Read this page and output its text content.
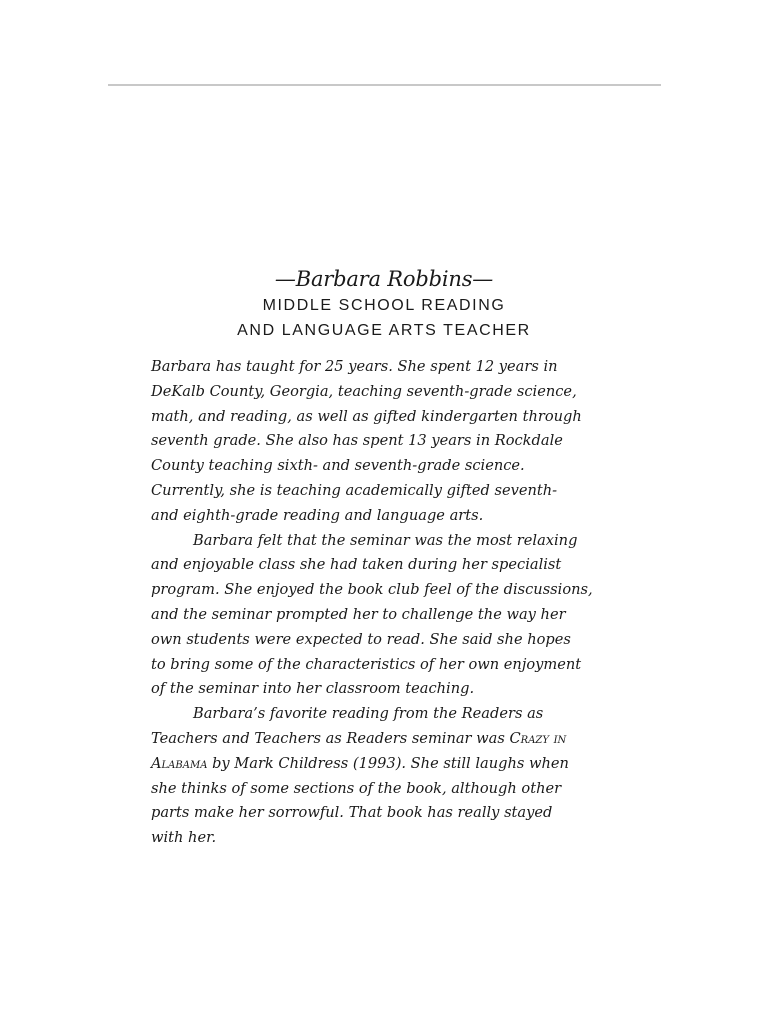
—Barbara Robbins—
MIDDLE SCHOOL READING
AND LANGUAGE ARTS TEACHER
Barbara has taught for 25 years. She spent 12 years in
DeKalb County, Georgia, teaching seventh-grade science,
math, and reading, as well as gifted kindergarten through
seventh grade. She also has spent 13 years in Rockdale
County teaching sixth- and seventh-grade science.
Currently, she is teaching academically gifted seventh-
and eighth-grade reading and language arts.
Barbara felt that the seminar was the most relaxing
and enjoyable class she had taken during her specialist
program. She enjoyed the book club feel of the discussions,
and the seminar prompted her to challenge the way her
own students were expected to read. She said she hopes
to bring some of the characteristics of her own enjoyment
of the seminar into her classroom teaching.
Barbara’s favorite reading from the Readers as
Teachers and Teachers as Readers seminar was Crazy in
Alabama by Mark Childress (1993). She still laughs when
she thinks of some sections of the book, although other
parts make her sorrowful. That book has really stayed
with her.
